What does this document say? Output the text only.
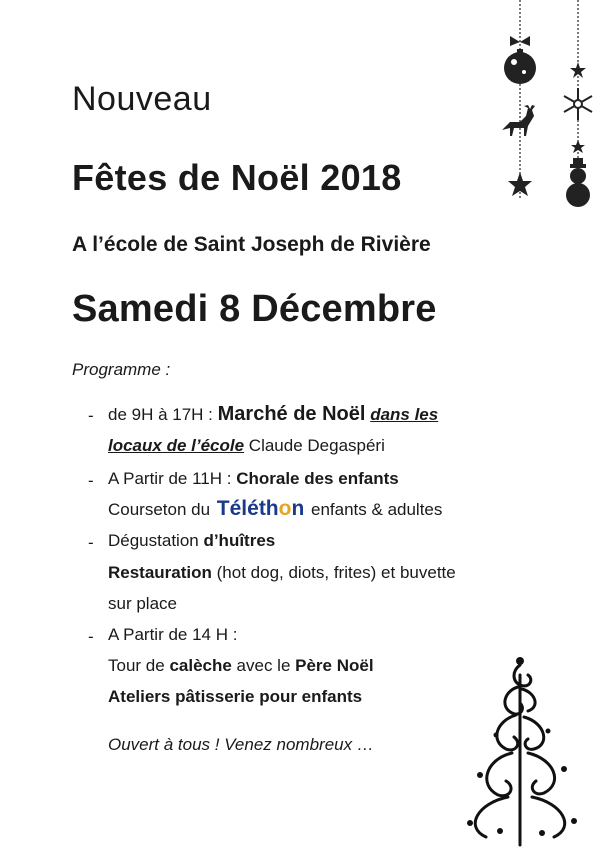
Nouveau
Fêtes de Noël 2018
A l’école de Saint Joseph de Rivière
Samedi 8 Décembre
Programme :
- de 9H à 17H : Marché de Noël dans les
locaux de l’école Claude Degaspéri
- A Partir de 11H : Chorale des enfants
Courseton du Téléthon enfants & adultes
- Dégustation d’huîtres
Restauration (hot dog, diots, frites) et buvette
sur place
- A Partir de 14 H :
Tour de calèche avec le Père Noël
Ateliers pâtisserie pour enfants
Ouvert à tous ! Venez nombreux …
